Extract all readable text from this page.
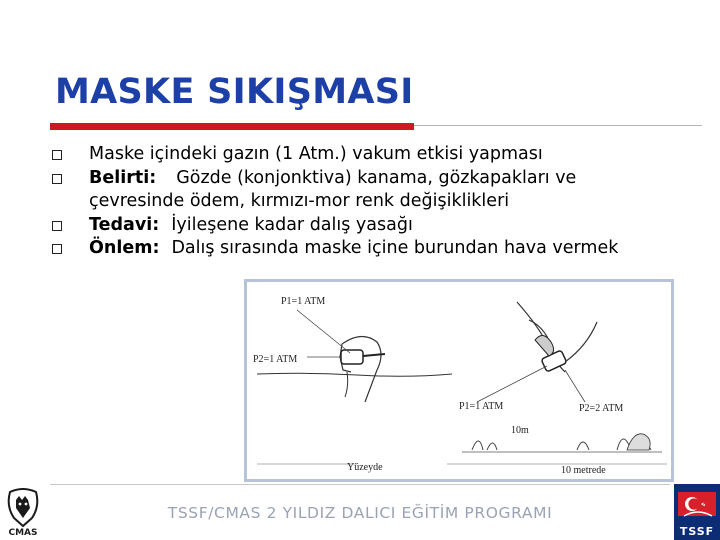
MASKE SIKIŞMASI
Maske içindeki gazın (1 Atm.) vakum etkisi yapması
Belirti: Gözde (konjonktiva) kanama, gözkapakları ve çevresinde ödem, kırmızı-mor renk değişiklikleri
Tedavi: İyileşene kadar dalış yasağı
Önlem: Dalış sırasında maske içine burundan hava vermek
P1=1 ATM
P2=1 ATM
P1=1 ATM	P2=2 ATM
10m
Yüzeyde	10 metrede
TSSF/CMAS 2 YILDIZ DALICI EĞİTİM PROGRAMI
CMAS	TSSF
